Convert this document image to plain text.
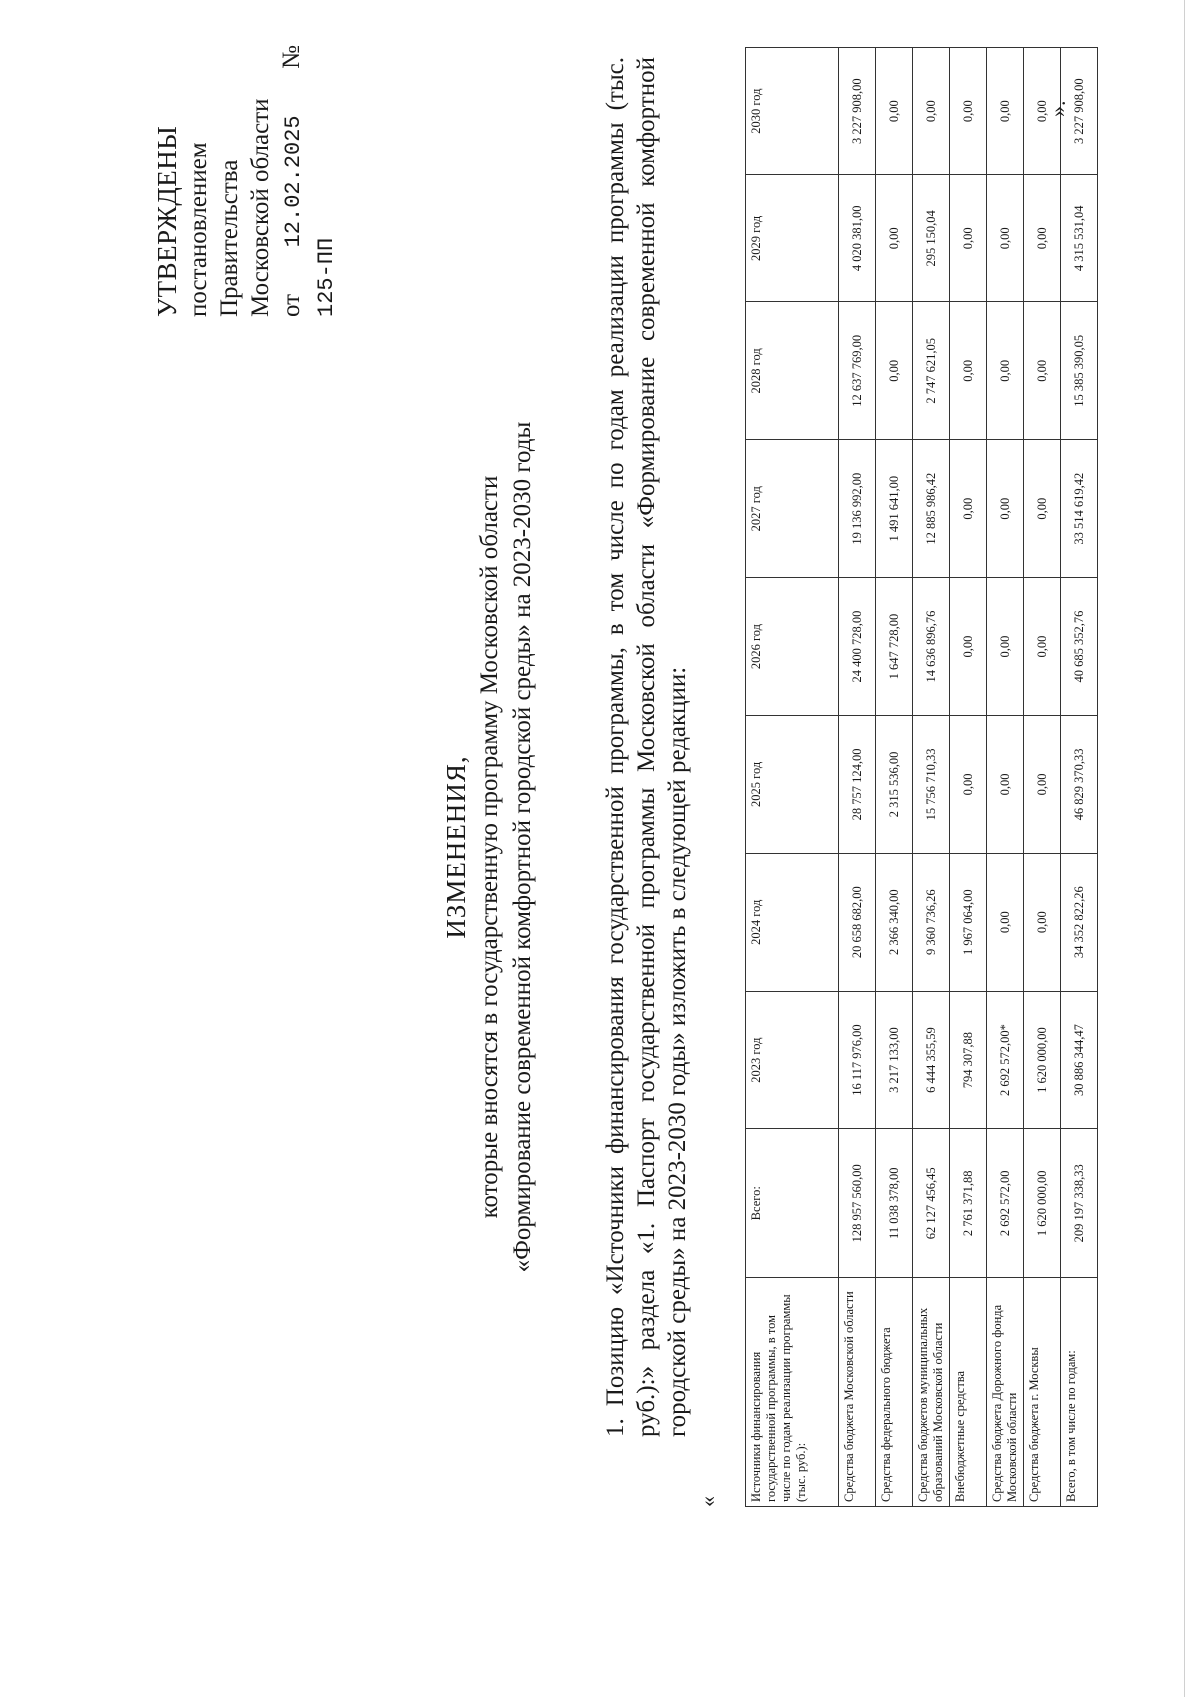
УТВЕРЖДЕНЫ постановлением Правительства Московской области от  12.02.2025  №  125-ПП
ИЗМЕНЕНИЯ, которые вносятся в государственную программу Московской области «Формирование современной комфортной городской среды» на 2023-2030 годы	1. Позицию «Источники финансирования государственной программы, в том числе по годам реализации программы (тыс. руб.):» раздела «1. Паспорт государственной программы Московской области «Формирование современной комфортной городской среды» на 2023-2030 годы» изложить в следующей редакции:
« Источники финансирования государственной программы, в том числе по годам реализации программы (тыс. руб.):	Всего:	2023 год	2024 год	2025 год	2026 год	2027 год	2028 год	2029 год	2030 год
Средства бюджета Московской области	128 957 560,00	16 117 976,00	20 658 682,00	28 757 124,00	24 400 728,00	19 136 992,00	12 637 769,00	4 020 381,00	3 227 908,00
Средства федерального бюджета	11 038 378,00	3 217 133,00	2 366 340,00	2 315 536,00	1 647 728,00	1 491 641,00	0,00	0,00	0,00
Средства бюджетов муниципальных образований Московской области	62 127 456,45	6 444 355,59	9 360 736,26	15 756 710,33	14 636 896,76	12 885 986,42	2 747 621,05	295 150,04	0,00
Внебюджетные средства	2 761 371,88	794 307,88	1 967 064,00	0,00	0,00	0,00	0,00	0,00	0,00
Средства бюджета Дорожного фонда Московской области	2 692 572,00	2 692 572,00*	0,00	0,00	0,00	0,00	0,00	0,00	0,00
Средства бюджета г. Москвы	1 620 000,00	1 620 000,00	0,00	0,00	0,00	0,00	0,00	0,00	0,00
Всего, в том числе по годам:	209 197 338,33	30 886 344,47	34 352 822,26	46 829 370,33	40 685 352,76	33 514 619,42	15 385 390,05	4 315 531,04	3 227 908,00
».
